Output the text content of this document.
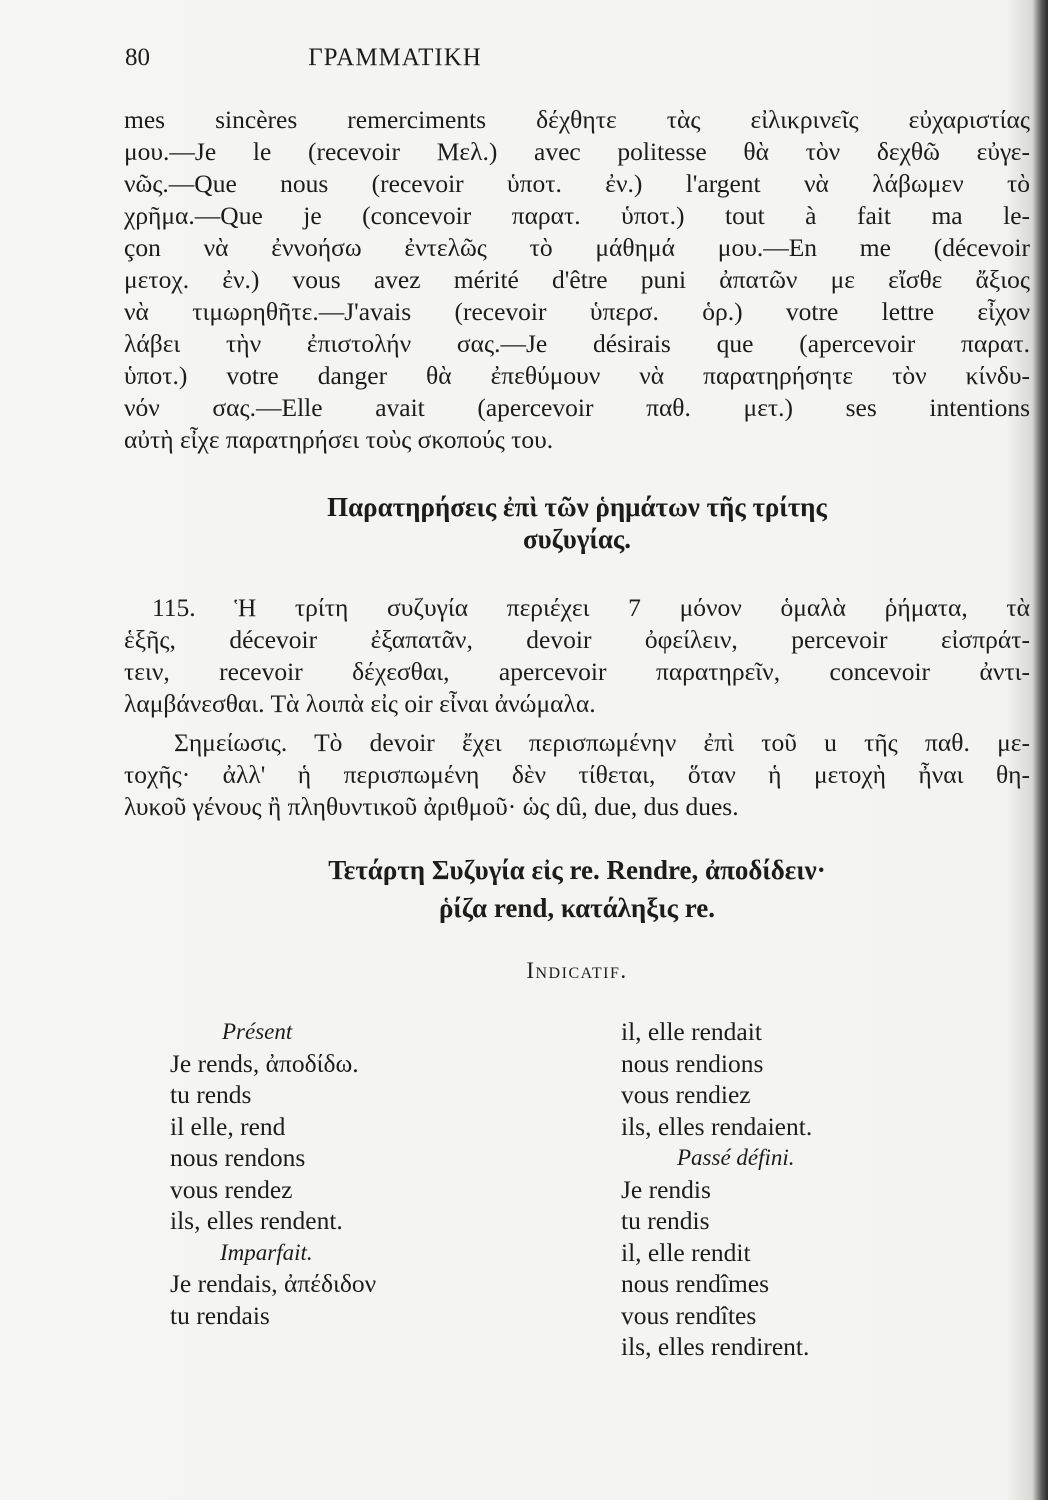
80	ΓΡΑΜΜΑΤΙΚΗ
mes sincères remerciments δέχθητε τὰς εἰλικρινεῖς εὐχαριστίας
μου.—Je le (recevoir Μελ.) avec politesse θὰ τὸν δεχθῶ εὐγε-
νῶς.—Que nous (recevoir ὑποτ. ἐν.) l'argent νὰ λάβωμεν τὸ
χρῆμα.—Que je (concevoir παρατ. ὑποτ.) tout à fait ma le-
çon νὰ ἐννοήσω ἐντελῶς τὸ μάθημά μου.—En me (décevoir
μετοχ. ἐν.) vous avez mérité d'être puni ἀπατῶν με εἴσθε ἄξιος
νὰ τιμωρηθῆτε.—J'avais (recevoir ὑπερσ. ὁρ.) votre lettre εἶχον
λάβει τὴν ἐπιστολήν σας.—Je désirais que (apercevoir παρατ.
ὑποτ.) votre danger θὰ ἐπεθύμουν νὰ παρατηρήσητε τὸν κίνδυ-
νόν σας.—Elle avait (apercevoir παθ. μετ.) ses intentions
αὐτὴ εἶχε παρατηρήσει τοὺς σκοπούς του.
Παρατηρήσεις ἐπὶ τῶν ῥημάτων τῆς τρίτης
συζυγίας.
115. Ἡ τρίτη συζυγία περιέχει 7 μόνον ὁμαλὰ ῥήματα, τὰ
ἑξῆς, décevoir ἐξαπατᾶν, devoir ὀφείλειν, percevoir εἰσπράτ-
τειν, recevoir δέχεσθαι, apercevoir παρατηρεῖν, concevoir ἀντι-
λαμβάνεσθαι. Τὰ λοιπὰ εἰς oir εἶναι ἀνώμαλα.
Σημείωσις. Τὸ devoir ἔχει περισπωμένην ἐπὶ τοῦ u τῆς παθ. με-
τοχῆς· ἀλλ' ἡ περισπωμένη δὲν τίθεται, ὅταν ἡ μετοχὴ ἦναι θη-
λυκοῦ γένους ἢ πληθυντικοῦ ἀριθμοῦ· ὡς dû, due, dus dues.
Τετάρτη Συζυγία εἰς re. Rendre, ἀποδίδειν·
ῥίζα rend, κατάληξις re.
Indicatif.
Présent
Je rends, ἀποδίδω.
tu rends
il elle, rend
nous rendons
vous rendez
ils, elles rendent.
Imparfait.
Je rendais, ἀπέδιδον
tu rendais
il, elle rendait
nous rendions
vous rendiez
ils, elles rendaient.
Passé défini.
Je rendis
tu rendis
il, elle rendit
nous rendîmes
vous rendîtes
ils, elles rendirent.
